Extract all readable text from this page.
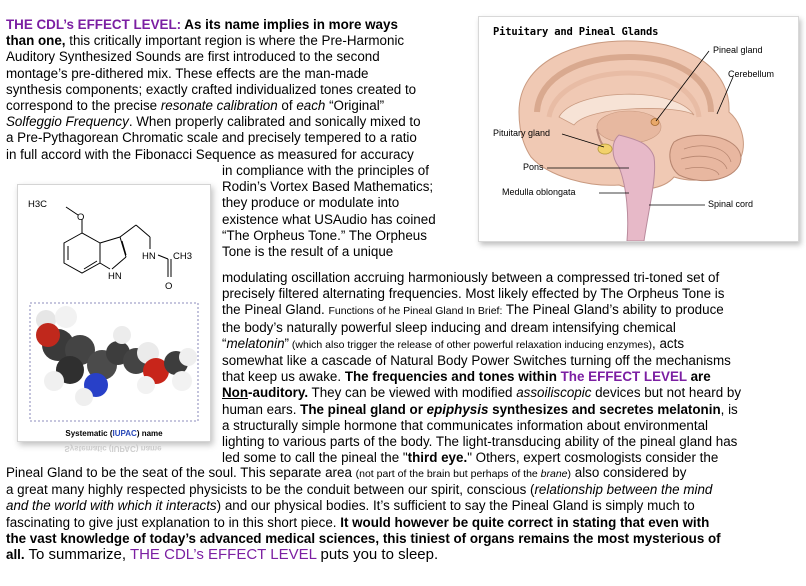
Pituitary and Pineal Glands
Pineal gland
Cerebellum
Pituitary gland
Pons
Medulla oblongata
Spinal cord
H3C
O
HN
HN CH3
O
Systematic (IUPAC) name
Systematic (IUPAC) name
THE CDL’s EFFECT LEVEL: As its name implies in more ways
than one, this critically important region is where the Pre-Harmonic
Auditory Synthesized Sounds are first introduced to the second
montage’s pre-dithered mix. These effects are the man-made
synthesis components; exactly crafted individualized tones created to
correspond to the precise resonate calibration of each “Original”
Solfeggio Frequency. When properly calibrated and sonically mixed to
a Pre-Pythagorean Chromatic scale and precisely tempered to a ratio
in full accord with the Fibonacci Sequence as measured for accuracy
in compliance with the principles of
Rodin’s Vortex Based Mathematics;
they produce or modulate into
existence what USAudio has coined
“The Orpheus Tone.” The Orpheus
Tone is the result of a unique
modulating oscillation accruing harmoniously between a compressed tri-toned set of
precisely filtered alternating frequencies. Most likely effected by The Orpheus Tone is
the Pineal Gland. Functions of he Pineal Gland In Brief: The Pineal Gland’s ability to produce
the body’s naturally powerful sleep inducing and dream intensifying chemical
“melatonin” (which also trigger the release of other powerful relaxation inducing enzymes), acts
somewhat like a cascade of Natural Body Power Switches turning off the mechanisms
that keep us awake. The frequencies and tones within The EFFECT LEVEL are
Non-auditory. They can be viewed with modified assoiliscopic devices but not heard by
human ears. The pineal gland or epiphysis synthesizes and secretes melatonin, is
a structurally simple hormone that communicates information about environmental
lighting to various parts of the body. The light-transducing ability of the pineal gland has
led some to call the pineal the "third eye." Others, expert cosmologists consider the
Pineal Gland to be the seat of the soul. This separate area (not part of the brain but perhaps of the brane) also considered by
a great many highly respected physicists to be the conduit between our spirit, conscious (relationship between the mind
and the world with which it interacts) and our physical bodies. It’s sufficient to say the Pineal Gland is simply much to
fascinating to give just explanation to in this short piece. It would however be quite correct in stating that even with
the vast knowledge of today’s advanced medical sciences, this tiniest of organs remains the most mysterious of
all. To summarize, THE CDL’s EFFECT LEVEL puts you to sleep.
